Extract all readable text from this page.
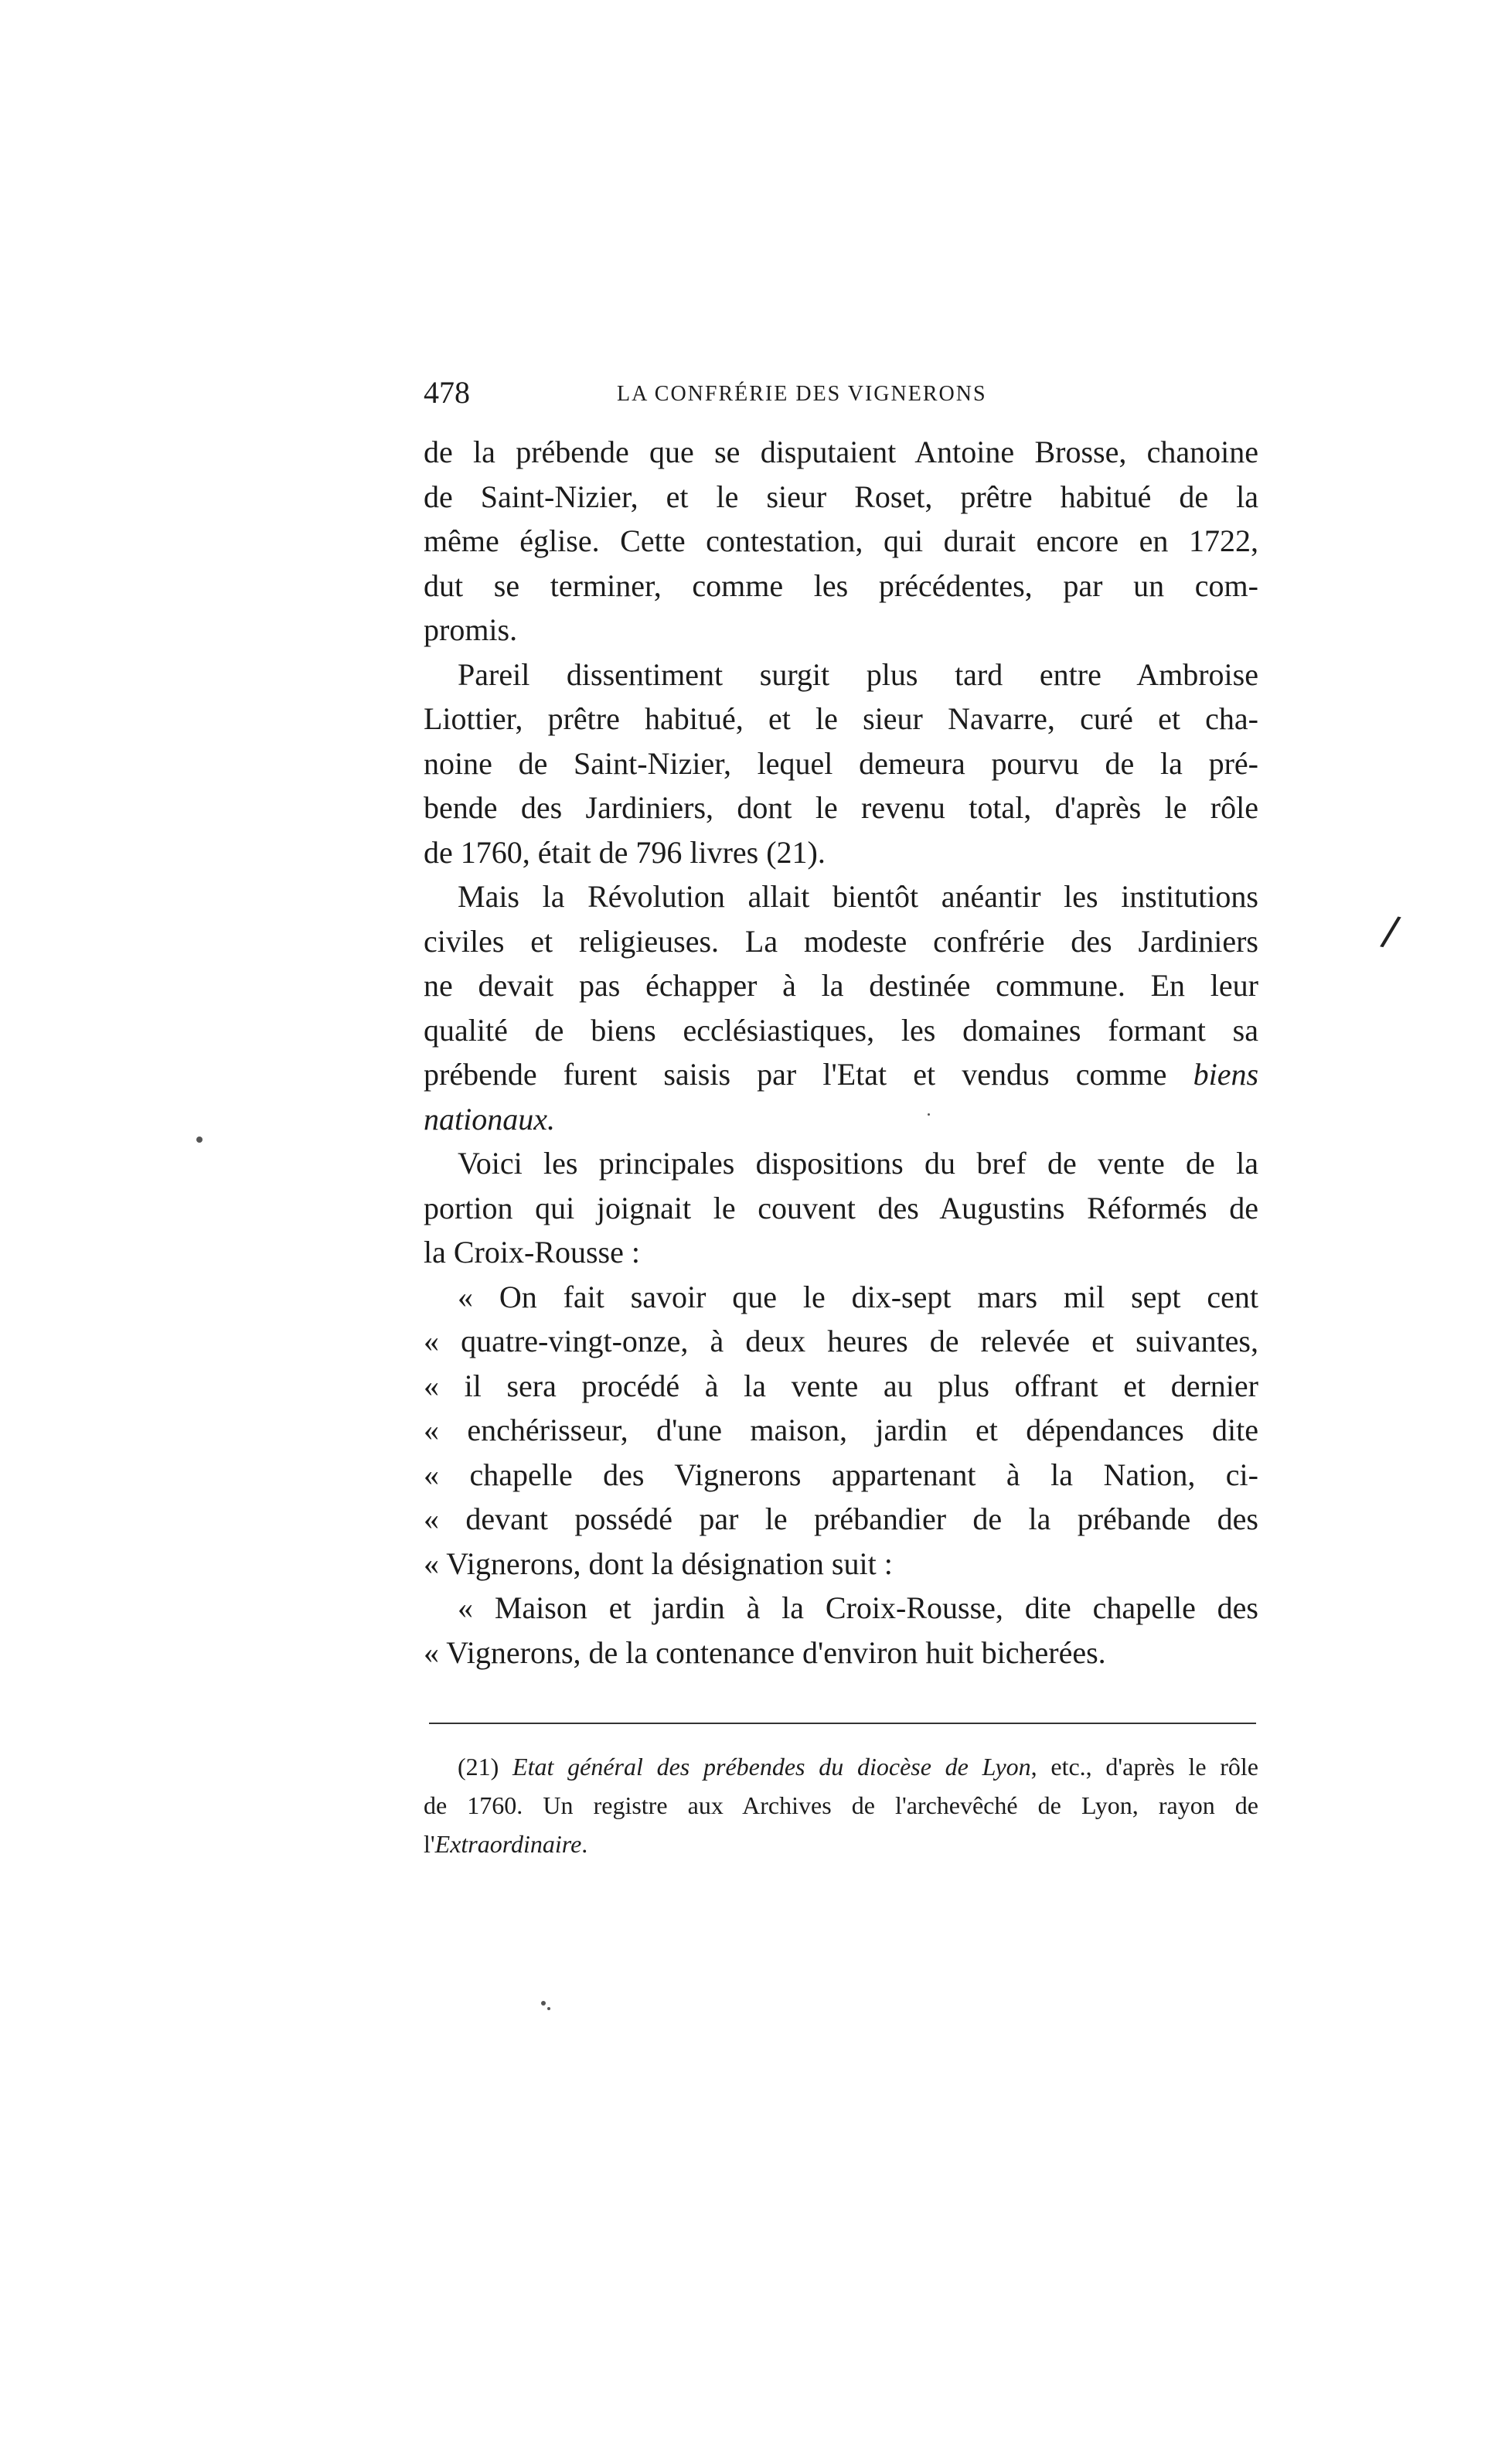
478	LA CONFRÉRIE DES VIGNERONS
de la prébende que se disputaient Antoine Brosse, chanoine
de Saint-Nizier, et le sieur Roset, prêtre habitué de la
même église. Cette contestation, qui durait encore en 1722,
dut se terminer, comme les précédentes, par un com-
promis.
Pareil dissentiment surgit plus tard entre Ambroise
Liottier, prêtre habitué, et le sieur Navarre, curé et cha-
noine de Saint-Nizier, lequel demeura pourvu de la pré-
bende des Jardiniers, dont le revenu total, d'après le rôle
de 1760, était de 796 livres (21).
Mais la Révolution allait bientôt anéantir les institutions
civiles et religieuses. La modeste confrérie des Jardiniers
ne devait pas échapper à la destinée commune. En leur
qualité de biens ecclésiastiques, les domaines formant sa
prébende furent saisis par l'Etat et vendus comme biens
nationaux.
Voici les principales dispositions du bref de vente de la
portion qui joignait le couvent des Augustins Réformés de
la Croix-Rousse :
« On fait savoir que le dix-sept mars mil sept cent
« quatre-vingt-onze, à deux heures de relevée et suivantes,
« il sera procédé à la vente au plus offrant et dernier
« enchérisseur, d'une maison, jardin et dépendances dite
« chapelle des Vignerons appartenant à la Nation, ci-
« devant possédé par le prébandier de la prébande des
« Vignerons, dont la désignation suit :
« Maison et jardin à la Croix-Rousse, dite chapelle des
« Vignerons, de la contenance d'environ huit bicherées.
(21) Etat général des prébendes du diocèse de Lyon, etc., d'après le rôle
de 1760. Un registre aux Archives de l'archevêché de Lyon, rayon de
l'Extraordinaire.
/
